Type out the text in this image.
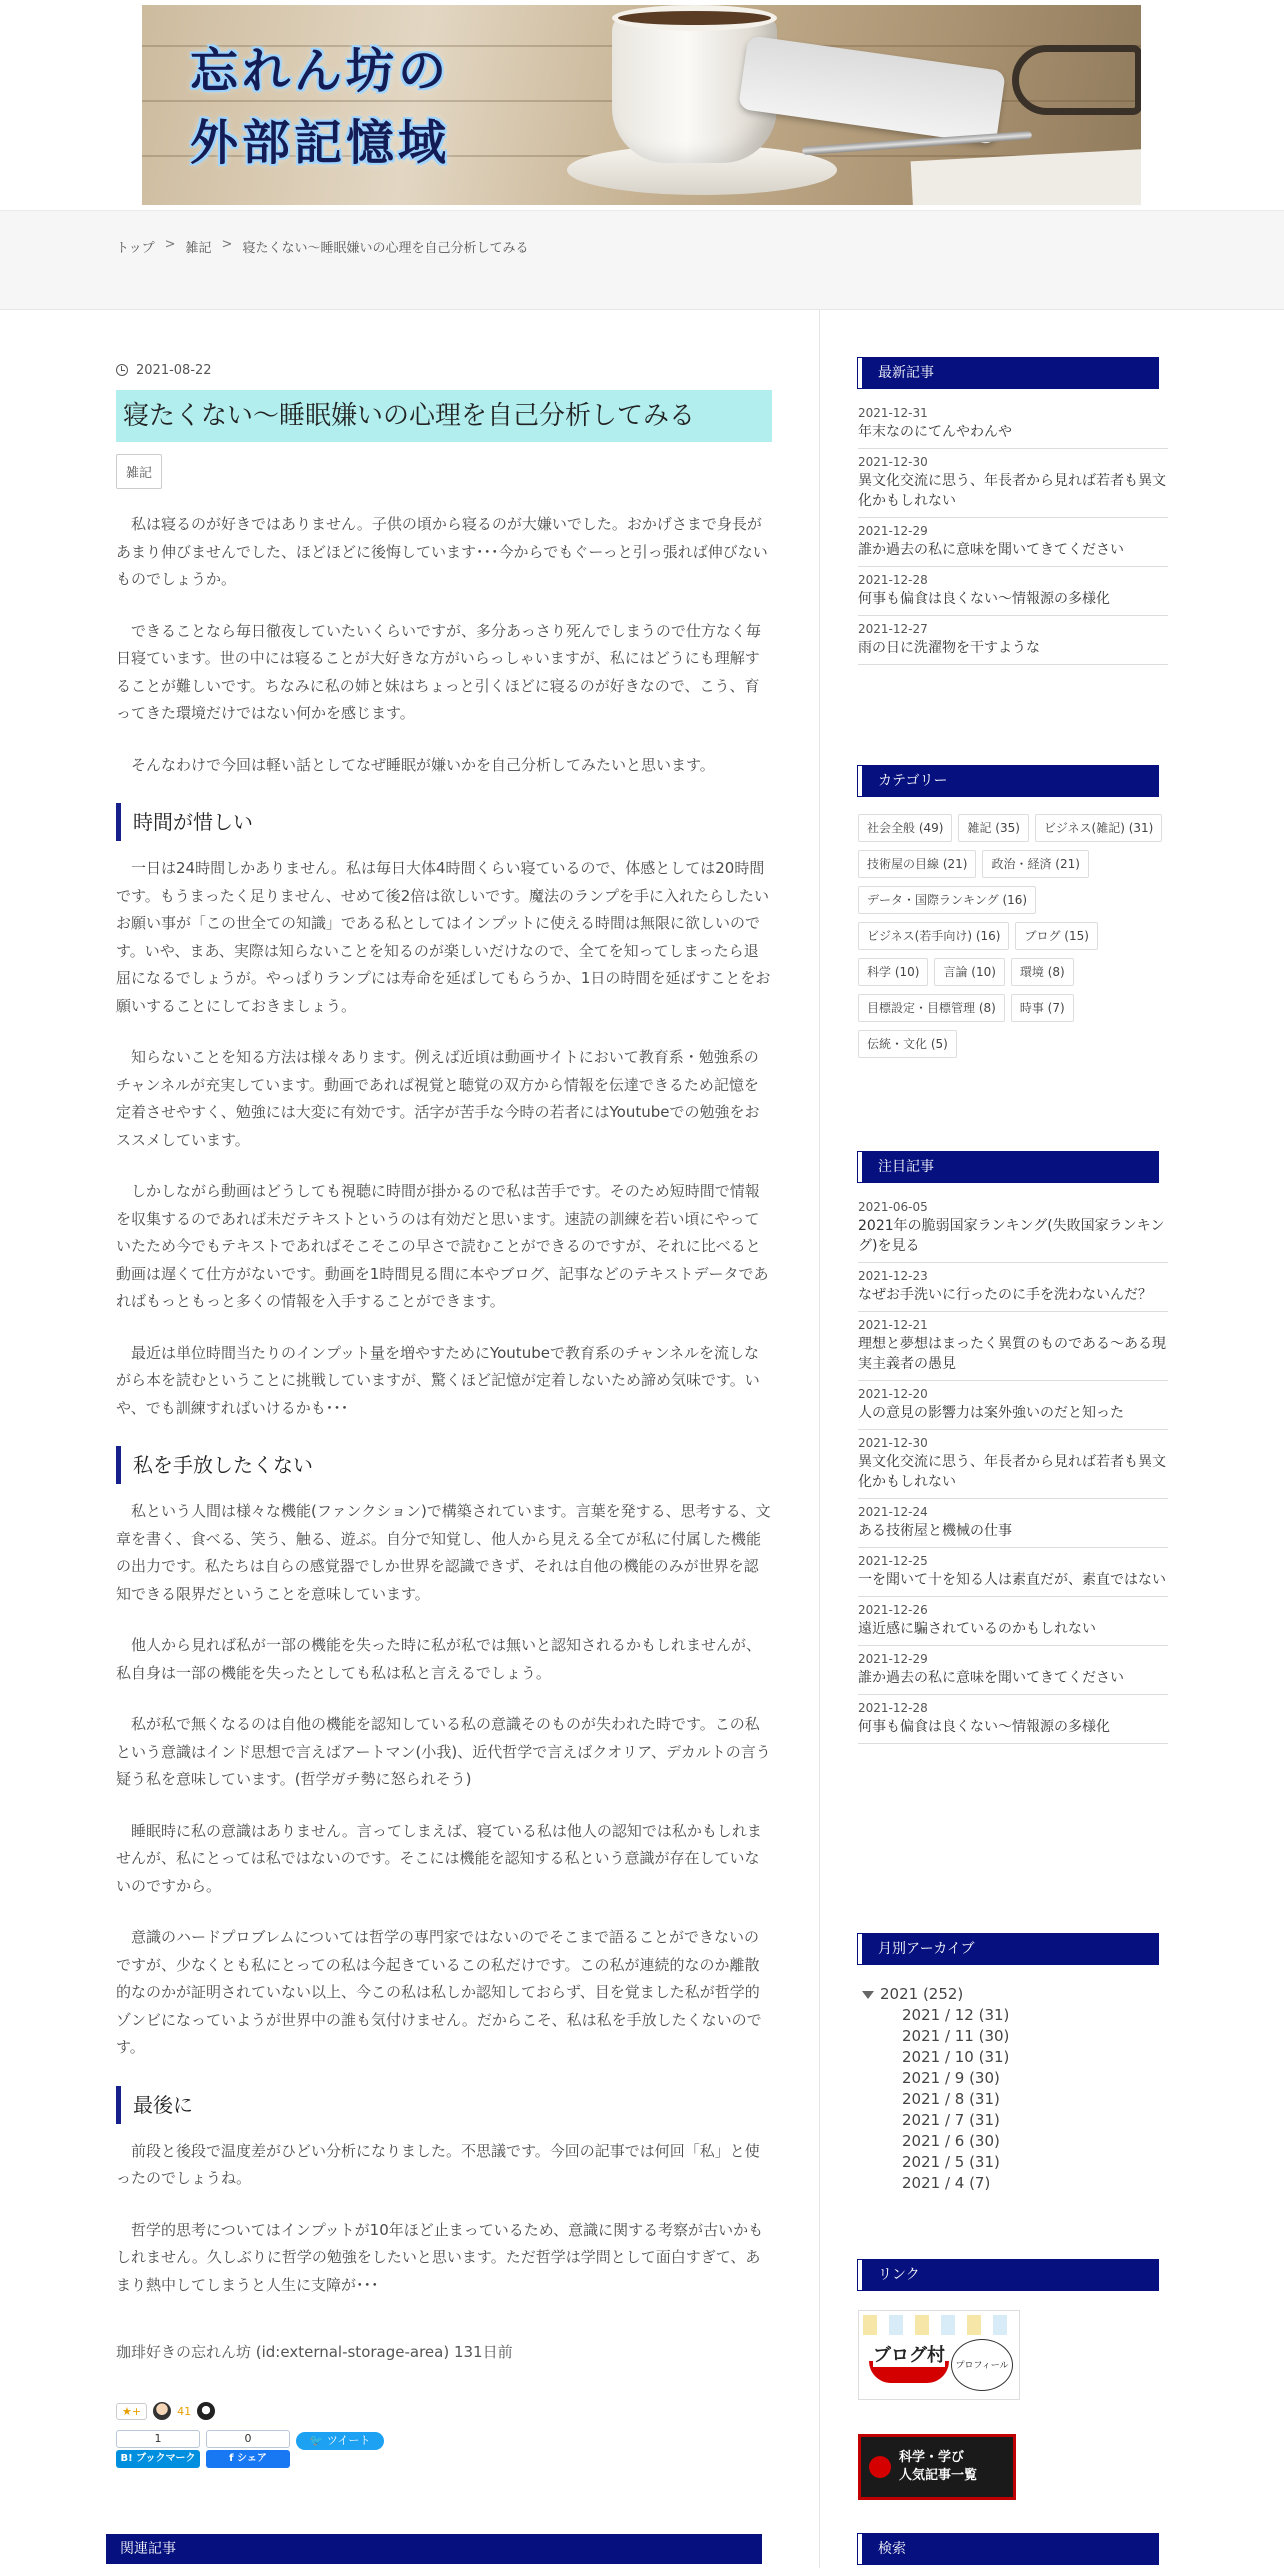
忘れん坊の
外部記憶域
トップ > 雑記 > 寝たくない～睡眠嫌いの心理を自己分析してみる
2021-08-22
寝たくない～睡眠嫌いの心理を自己分析してみる
雑記

私は寝るのが好きではありません。子供の頃から寝るのが大嫌いでした。おかげさまで身長があまり伸びませんでした、ほどほどに後悔しています･･･今からでもぐーっと引っ張れば伸びないものでしょうか。

できることなら毎日徹夜していたいくらいですが、多分あっさり死んでしまうので仕方なく毎日寝ています。世の中には寝ることが大好きな方がいらっしゃいますが、私にはどうにも理解することが難しいです。ちなみに私の姉と妹はちょっと引くほどに寝るのが好きなので、こう、育ってきた環境だけではない何かを感じます。

そんなわけで今回は軽い話としてなぜ睡眠が嫌いかを自己分析してみたいと思います。

時間が惜しい

一日は24時間しかありません。私は毎日大体4時間くらい寝ているので、体感としては20時間です。もうまったく足りません、せめて後2倍は欲しいです。魔法のランプを手に入れたらしたいお願い事が「この世全ての知識」である私としてはインプットに使える時間は無限に欲しいのです。いや、まあ、実際は知らないことを知るのが楽しいだけなので、全てを知ってしまったら退屈になるでしょうが。やっぱりランプには寿命を延ばしてもらうか、1日の時間を延ばすことをお願いすることにしておきましょう。

知らないことを知る方法は様々あります。例えば近頃は動画サイトにおいて教育系・勉強系のチャンネルが充実しています。動画であれば視覚と聴覚の双方から情報を伝達できるため記憶を定着させやすく、勉強には大変に有効です。活字が苦手な今時の若者にはYoutubeでの勉強をおススメしています。

しかしながら動画はどうしても視聴に時間が掛かるので私は苦手です。そのため短時間で情報を収集するのであれば未だテキストというのは有効だと思います。速読の訓練を若い頃にやっていたため今でもテキストであればそこそこの早さで読むことができるのですが、それに比べると動画は遅くて仕方がないです。動画を1時間見る間に本やブログ、記事などのテキストデータであればもっともっと多くの情報を入手することができます。

最近は単位時間当たりのインプット量を増やすためにYoutubeで教育系のチャンネルを流しながら本を読むということに挑戦していますが、驚くほど記憶が定着しないため諦め気味です。いや、でも訓練すればいけるかも･･･

私を手放したくない

私という人間は様々な機能(ファンクション)で構築されています。言葉を発する、思考する、文章を書く、食べる、笑う、触る、遊ぶ。自分で知覚し、他人から見える全てが私に付属した機能の出力です。私たちは自らの感覚器でしか世界を認識できず、それは自他の機能のみが世界を認知できる限界だということを意味しています。

他人から見れば私が一部の機能を失った時に私が私では無いと認知されるかもしれませんが、私自身は一部の機能を失ったとしても私は私と言えるでしょう。

私が私で無くなるのは自他の機能を認知している私の意識そのものが失われた時です。この私という意識はインド思想で言えばアートマン(小我)、近代哲学で言えばクオリア、デカルトの言う疑う私を意味しています。(哲学ガチ勢に怒られそう)

睡眠時に私の意識はありません。言ってしまえば、寝ている私は他人の認知では私かもしれませんが、私にとっては私ではないのです。そこには機能を認知する私という意識が存在していないのですから。

意識のハードプロブレムについては哲学の専門家ではないのでそこまで語ることができないのですが、少なくとも私にとっての私は今起きているこの私だけです。この私が連続的なのか離散的なのかが証明されていない以上、今この私は私しか認知しておらず、目を覚ました私が哲学的ゾンビになっていようが世界中の誰も気付けません。だからこそ、私は私を手放したくないのです。

最後に

前段と後段で温度差がひどい分析になりました。不思議です。今回の記事では何回「私」と使ったのでしょうね。

哲学的思考についてはインプットが10年ほど止まっているため、意識に関する考察が古いかもしれません。久しぶりに哲学の勉強をしたいと思います。ただ哲学は学問として面白すぎて、あまり熱中してしまうと人生に支障が･･･

珈琲好きの忘れん坊 (id:external-storage-area) 131日前
★+	41
1
B! ブックマーク
0
f シェア
🐦 ツイート
関連記事
最新記事
2021-12-31
年末なのにてんやわんや
2021-12-30
異文化交流に思う、年長者から見れば若者も異文化かもしれない
2021-12-29
誰か過去の私に意味を聞いてきてください
2021-12-28
何事も偏食は良くない〜情報源の多様化
2021-12-27
雨の日に洗濯物を干すような
カテゴリー
社会全般 (49)	雑記 (35)	ビジネス(雑記) (31)
技術屋の目線 (21)	政治・経済 (21)
データ・国際ランキング (16)
ビジネス(若手向け) (16)	ブログ (15)
科学 (10)	言論 (10)	環境 (8)
目標設定・目標管理 (8)	時事 (7)
伝統・文化 (5)
注目記事
2021-06-05
2021年の脆弱国家ランキング(失敗国家ランキング)を見る
2021-12-23
なぜお手洗いに行ったのに手を洗わないんだ？
2021-12-21
理想と夢想はまったく異質のものである～ある現実主義者の愚見
2021-12-20
人の意見の影響力は案外強いのだと知った
2021-12-30
異文化交流に思う、年長者から見れば若者も異文化かもしれない
2021-12-24
ある技術屋と機械の仕事
2021-12-25
一を聞いて十を知る人は素直だが、素直ではない
2021-12-26
遠近感に騙されているのかもしれない
2021-12-29
誰か過去の私に意味を聞いてきてください
2021-12-28
何事も偏食は良くない〜情報源の多様化
月別アーカイブ
2021 (252)
2021 / 12 (31)
2021 / 11 (30)
2021 / 10 (31)
2021 / 9 (30)
2021 / 8 (31)
2021 / 7 (31)
2021 / 6 (30)
2021 / 5 (31)
2021 / 4 (7)
リンク
ブログ村	プロフィール
科学・学び
人気記事一覧
検索
